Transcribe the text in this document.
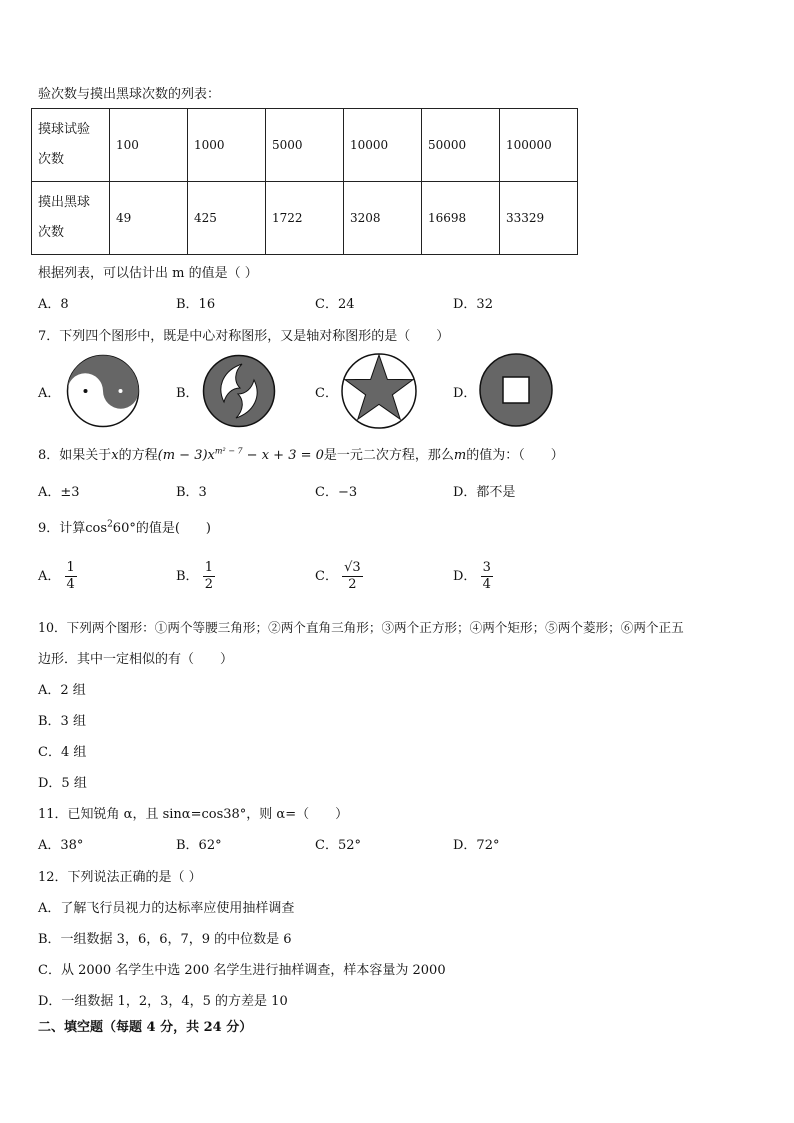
验次数与摸出黑球次数的列表：
摸球试验
次数	100	1000	5000	10000	50000	100000

摸出黑球
次数	49	425	1722	3208	16698	33329
根据列表，可以估计出 m 的值是（ ）
A．8	B．16	C．24	D．32
7．下列四个图形中，既是中心对称图形，又是轴对称图形的是（　　）
A．	B．	C．	D．
8．如果关于x的方程$(m - 3)x^{m^2 - 7} - x + 3 = 0$是一元二次方程，那么m的值为：（　　）
A．±3	B．3	C．−3	D．都不是
9．计算$\cos^260^\circ$的值是(　　)
A． $\frac{1}{4}$	B． $\frac{1}{2}$	C． $\frac{√3}{2}$	D． $\frac{3}{4}$
10．下列两个图形：①两个等腰三角形；②两个直角三角形；③两个正方形；④两个矩形；⑤两个菱形；⑥两个正五
边形．其中一定相似的有（　　）
A．2 组
B．3 组
C．4 组
D．5 组
11．已知锐角 α，且 sinα=cos38°，则 α=（　　）
A．38°	B．62°	C．52°	D．72°
12．下列说法正确的是（ ）
A．了解飞行员视力的达标率应使用抽样调查
B．一组数据 3，6，6，7，9 的中位数是 6
C．从 2000 名学生中选 200 名学生进行抽样调查，样本容量为 2000
D．一组数据 1，2，3，4，5 的方差是 10
二、填空题（每题 4 分，共 24 分）
